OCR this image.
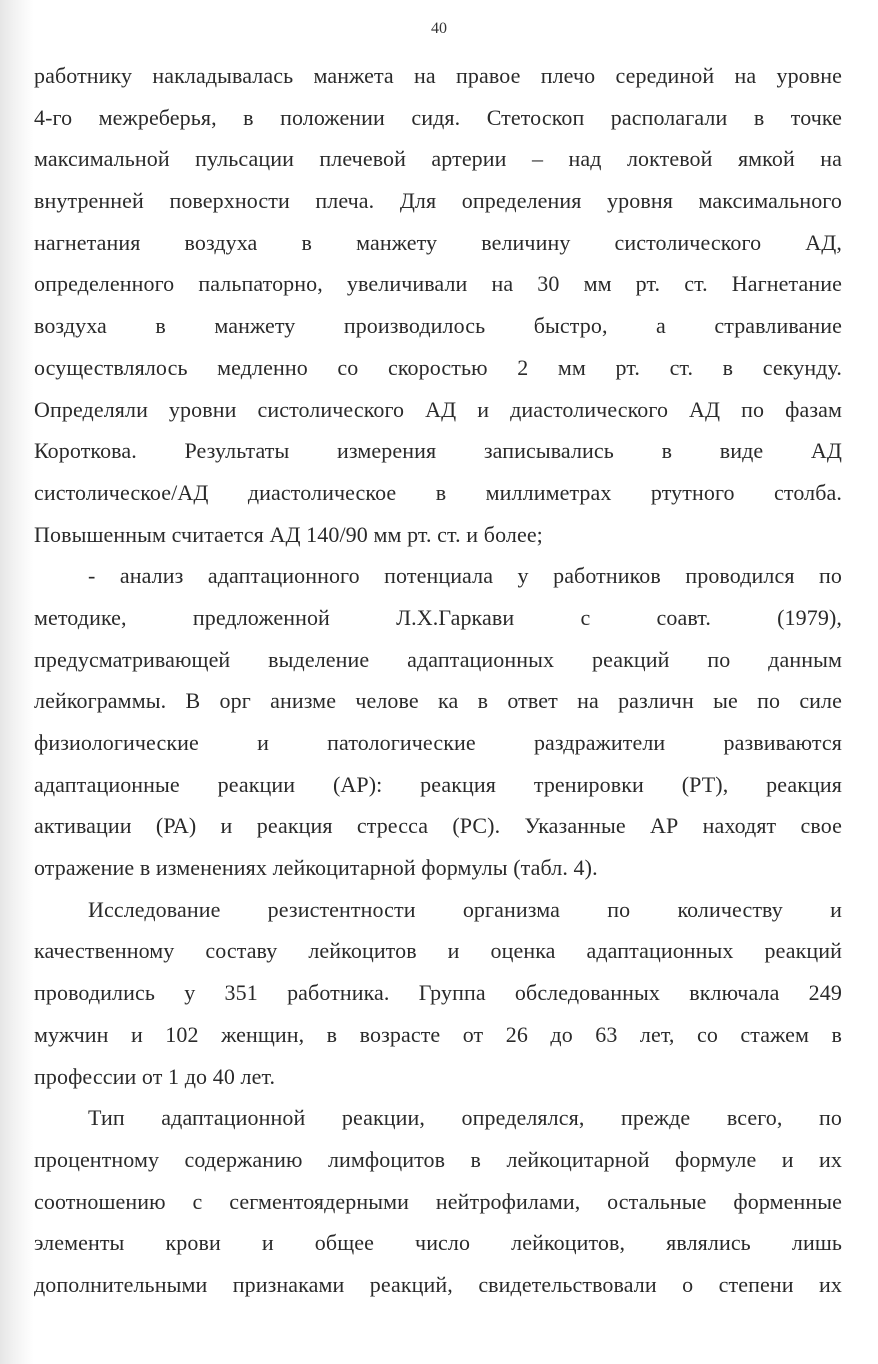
40
работнику накладывалась манжета на правое плечо серединой на уровне
4-го межреберья, в положении сидя. Стетоскоп располагали в точке
максимальной пульсации плечевой артерии – над локтевой ямкой на
внутренней поверхности плеча. Для определения уровня максимального
нагнетания воздуха в манжету величину систолического АД,
определенного пальпаторно, увеличивали на 30 мм рт. ст. Нагнетание
воздуха в манжету производилось быстро, а стравливание
осуществлялось медленно со скоростью 2 мм рт. ст. в секунду.
Определяли уровни систолического АД и диастолического АД по фазам
Короткова. Результаты измерения записывались в виде АД
систолическое/АД диастолическое в миллиметрах ртутного столба.
Повышенным считается АД 140/90 мм рт. ст. и более;
- анализ адаптационного потенциала у работников проводился по
методике, предложенной Л.Х.Гаркави с соавт. (1979),
предусматривающей выделение адаптационных реакций по данным
лейкограммы. В орг анизме челове ка в ответ на различн ые по силе
физиологические и патологические раздражители развиваются
адаптационные реакции (АР): реакция тренировки (РТ), реакция
активации (РА) и реакция стресса (РС). Указанные АР находят свое
отражение в изменениях лейкоцитарной формулы (табл. 4).
Исследование резистентности организма по количеству и
качественному составу лейкоцитов и оценка адаптационных реакций
проводились у 351 работника. Группа обследованных включала 249
мужчин и 102 женщин, в возрасте от 26 до 63 лет, со стажем в
профессии от 1 до 40 лет.
Тип адаптационной реакции, определялся, прежде всего, по
процентному содержанию лимфоцитов в лейкоцитарной формуле и их
соотношению с сегментоядерными нейтрофилами, остальные форменные
элементы крови и общее число лейкоцитов, являлись лишь
дополнительными признаками реакций, свидетельствовали о степени их
